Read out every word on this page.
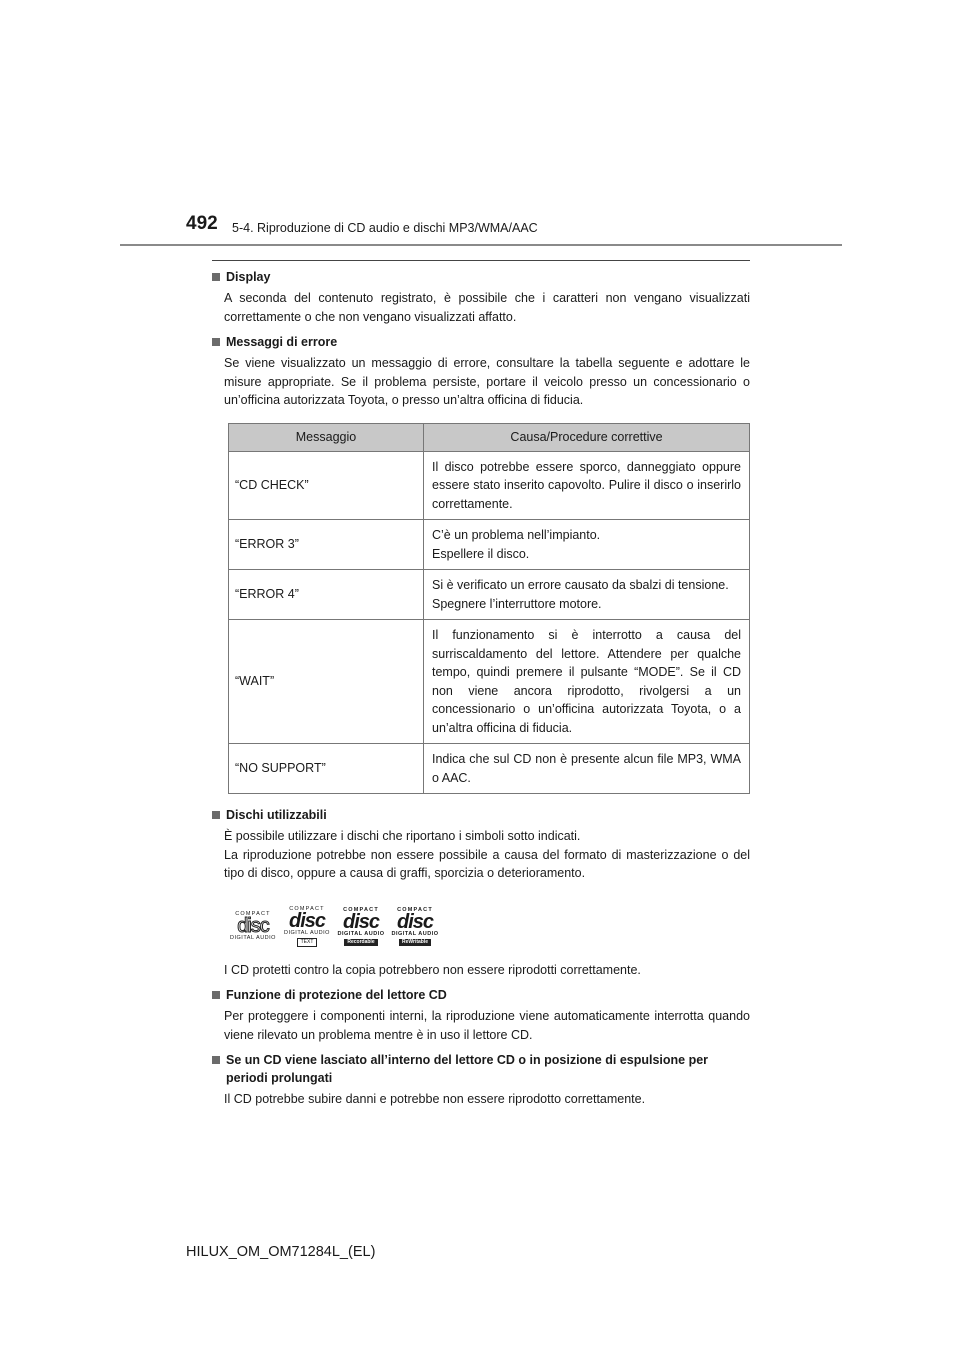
492 5-4. Riproduzione di CD audio e dischi MP3/WMA/AAC
Display

A seconda del contenuto registrato, è possibile che i caratteri non vengano visualizzati correttamente o che non vengano visualizzati affatto.

Messaggi di errore

Se viene visualizzato un messaggio di errore, consultare la tabella seguente e adottare le misure appropriate. Se il problema persiste, portare il veicolo presso un concessionario o un’officina autorizzata Toyota, o presso un’altra officina di fiducia.

Messaggio	Causa/Procedure correttive
“CD CHECK”	Il disco potrebbe essere sporco, danneggiato oppure essere stato inserito capovolto. Pulire il disco o inserirlo correttamente.

“ERROR 3”	C’è un problema nell’impianto.
Espellere il disco.

“ERROR 4”	Si è verificato un errore causato da sbalzi di tensione.
Spegnere l’interruttore motore.

“WAIT”	Il funzionamento si è interrotto a causa del surriscaldamento del lettore. Attendere per qualche tempo, quindi premere il pulsante “MODE”. Se il CD non viene ancora riprodotto, rivolgersi a un concessionario o un’officina autorizzata Toyota, o a un’altra officina di fiducia.

“NO SUPPORT”	Indica che sul CD non è presente alcun file MP3, WMA o AAC.
Dischi utilizzabili

È possibile utilizzare i dischi che riportano i simboli sotto indicati.

La riproduzione potrebbe non essere possibile a causa del formato di masterizzazione o del tipo di disco, oppure a causa di graffi, sporcizia o deterioramento.

COMPACT
disc
DIGITAL AUDIO
COMPACT
disc
DIGITAL AUDIO
TEXT
COMPACT
disc
DIGITAL AUDIO
Recordable
COMPACT
disc
DIGITAL AUDIO
ReWritable

I CD protetti contro la copia potrebbero non essere riprodotti correttamente.

Funzione di protezione del lettore CD

Per proteggere i componenti interni, la riproduzione viene automaticamente interrotta quando viene rilevato un problema mentre è in uso il lettore CD.

Se un CD viene lasciato all’interno del lettore CD o in posizione di espulsione per periodi prolungati

Il CD potrebbe subire danni e potrebbe non essere riprodotto correttamente.

HILUX_OM_OM71284L_(EL)
